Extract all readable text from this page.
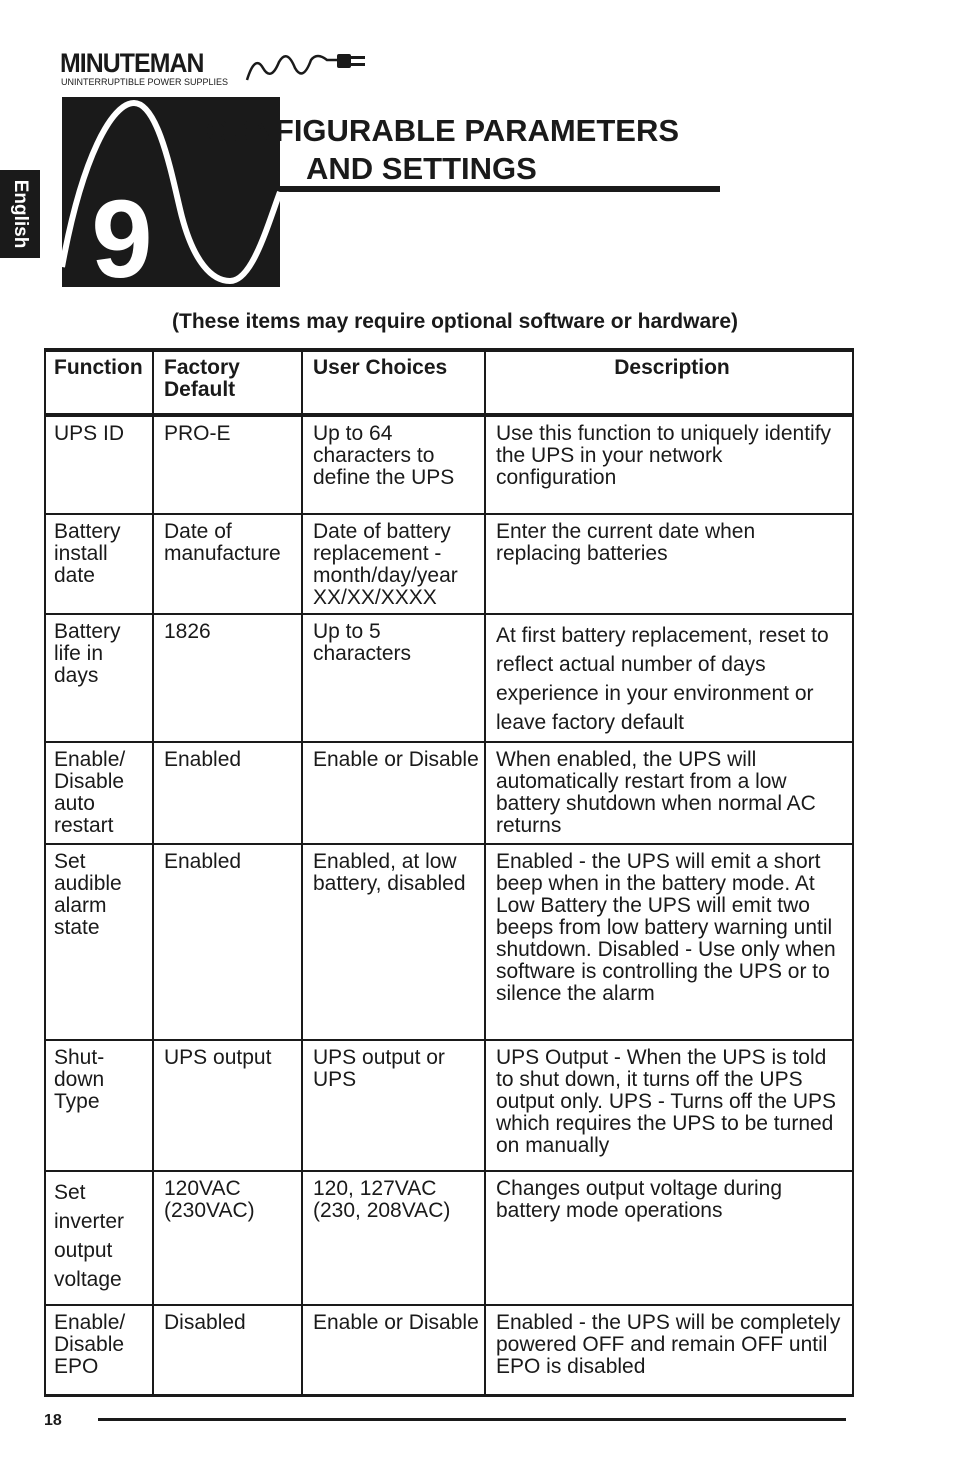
MINUTEMAN
UNINTERRUPTIBLE POWER SUPPLIES
9
CONFIGURABLE PARAMETERS
AND SETTINGS
English
(These items may require optional software or hardware)
Function	Factory Default	User Choices	Description
UPS ID	PRO-E	Up to 64 characters to define the UPS	Use this function to uniquely identify the UPS in your network configuration
Battery install date	Date of manufacture	Date of battery replacement - month/day/year XX/XX/XXXX	Enter the current date when replacing batteries
Battery life in days	1826	Up to 5 characters	At first battery replacement, reset to reflect actual number of days experience in your environment or leave factory default
Enable/ Disable auto restart	Enabled	Enable or Disable	When enabled, the UPS will automatically restart from a low battery shutdown when normal AC returns
Set audible alarm state	Enabled	Enabled, at low battery, disabled	Enabled - the UPS will emit a short beep when in the battery mode. At Low Battery the UPS will emit two beeps from low battery warning until shutdown. Disabled - Use only when software is controlling the UPS or to silence the alarm
Shut- down Type	UPS output	UPS output or UPS	UPS Output - When the UPS is told to shut down, it turns off the UPS output only. UPS - Turns off the UPS which requires the UPS to be turned on manually
Set inverter output voltage	120VAC (230VAC)	120, 127VAC (230, 208VAC)	Changes output voltage during battery mode operations
Enable/ Disable EPO	Disabled	Enable or Disable	Enabled - the UPS will be completely powered OFF and remain OFF until EPO is disabled
18
